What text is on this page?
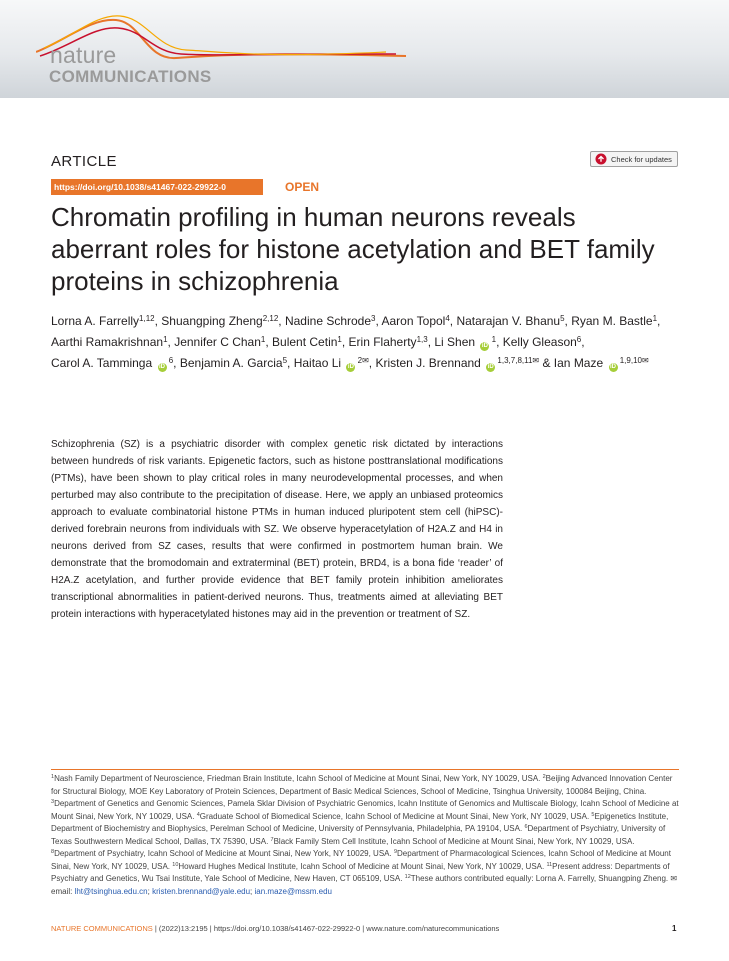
nature
COMMUNICATIONS
ARTICLE	Check for updates
https://doi.org/10.1038/s41467-022-29922-0	OPEN
Chromatin profiling in human neurons reveals aberrant roles for histone acetylation and BET family proteins in schizophrenia
Lorna A. Farrelly$^{1,12}$, Shuangping Zheng$^{2,12}$, Nadine Schrode$^3$, Aaron Topol$^4$, Natarajan V. Bhanu$^5$, Ryan M. Bastle$^1$, Aarthi Ramakrishnan$^1$, Jennifer C Chan$^1$, Bulent Cetin$^1$, Erin Flaherty$^{1,3}$, Li Shen iD $^1$, Kelly Gleason$^6$, Carol A. Tamminga iD $^6$, Benjamin A. Garcia$^5$, Haitao Li iD $^{2✉}$, Kristen J. Brennand iD $^{1,3,7,8,11✉}$ & Ian Maze iD $^{1,9,10✉}$

Schizophrenia (SZ) is a psychiatric disorder with complex genetic risk dictated by interactions between hundreds of risk variants. Epigenetic factors, such as histone posttranslational modifications (PTMs), have been shown to play critical roles in many neurodevelopmental processes, and when perturbed may also contribute to the precipitation of disease. Here, we apply an unbiased proteomics approach to evaluate combinatorial histone PTMs in human induced pluripotent stem cell (hiPSC)-derived forebrain neurons from individuals with SZ. We observe hyperacetylation of H2A.Z and H4 in neurons derived from SZ cases, results that were confirmed in postmortem human brain. We demonstrate that the bromodomain and extraterminal (BET) protein, BRD4, is a bona fide ‘reader’ of H2A.Z acetylation, and further provide evidence that BET family protein inhibition ameliorates transcriptional abnormalities in patient-derived neurons. Thus, treatments aimed at alleviating BET protein interactions with hyperacetylated histones may aid in the prevention or treatment of SZ.

$^1$Nash Family Department of Neuroscience, Friedman Brain Institute, Icahn School of Medicine at Mount Sinai, New York, NY 10029, USA. $^2$Beijing Advanced Innovation Center for Structural Biology, MOE Key Laboratory of Protein Sciences, Department of Basic Medical Sciences, School of Medicine, Tsinghua University, 100084 Beijing, China. $^3$Department of Genetics and Genomic Sciences, Pamela Sklar Division of Psychiatric Genomics, Icahn Institute of Genomics and Multiscale Biology, Icahn School of Medicine at Mount Sinai, New York, NY 10029, USA. $^4$Graduate School of Biomedical Science, Icahn School of Medicine at Mount Sinai, New York, NY 10029, USA. $^5$Epigenetics Institute, Department of Biochemistry and Biophysics, Perelman School of Medicine, University of Pennsylvania, Philadelphia, PA 19104, USA. $^6$Department of Psychiatry, University of Texas Southwestern Medical School, Dallas, TX 75390, USA. $^7$Black Family Stem Cell Institute, Icahn School of Medicine at Mount Sinai, New York, NY 10029, USA. $^8$Department of Psychiatry, Icahn School of Medicine at Mount Sinai, New York, NY 10029, USA. $^9$Department of Pharmacological Sciences, Icahn School of Medicine at Mount Sinai, New York, NY 10029, USA. $^{10}$Howard Hughes Medical Institute, Icahn School of Medicine at Mount Sinai, New York, NY 10029, USA. $^{11}$Present address: Departments of Psychiatry and Genetics, Wu Tsai Institute, Yale School of Medicine, New Haven, CT 065109, USA. $^{12}$These authors contributed equally: Lorna A. Farrelly, Shuangping Zheng. ✉email: lht@tsinghua.edu.cn; kristen.brennand@yale.edu; ian.maze@mssm.edu

NATURE COMMUNICATIONS | (2022)13:2195 | https://doi.org/10.1038/s41467-022-29922-0 | www.nature.com/naturecommunications	1
